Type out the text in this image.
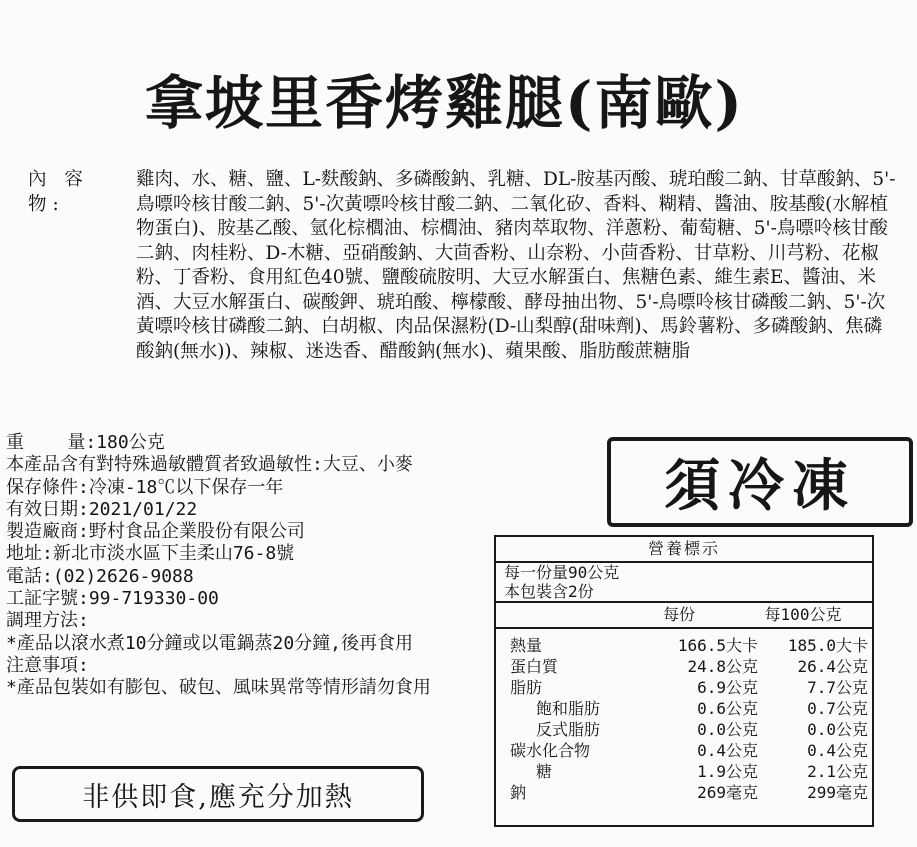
拿坡里香烤雞腿(南歐)
內 容 物:
雞肉、水、糖、鹽、L-麩酸鈉、多磷酸鈉、乳糖、DL-胺基丙酸、琥珀酸二鈉、甘草酸鈉、5'-鳥嘌呤核甘酸二鈉、5'-次黃嘌呤核甘酸二鈉、二氧化矽、香料、糊精、醬油、胺基酸(水解植物蛋白)、胺基乙酸、氫化棕櫚油、棕櫚油、豬肉萃取物、洋蔥粉、葡萄糖、5'-鳥嘌呤核甘酸二鈉、肉桂粉、D-木糖、亞硝酸鈉、大茴香粉、山奈粉、小茴香粉、甘草粉、川芎粉、花椒粉、丁香粉、食用紅色40號、鹽酸硫胺明、大豆水解蛋白、焦糖色素、維生素E、醬油、米酒、大豆水解蛋白、碳酸鉀、琥珀酸、檸檬酸、酵母抽出物、5'-鳥嘌呤核甘磷酸二鈉、5'-次黃嘌呤核甘磷酸二鈉、白胡椒、肉品保濕粉(D-山梨醇(甜味劑)、馬鈴薯粉、多磷酸鈉、焦磷酸鈉(無水))、辣椒、迷迭香、醋酸鈉(無水)、蘋果酸、脂肪酸蔗糖脂
重    量:180公克
本產品含有對特殊過敏體質者致過敏性:大豆、小麥
保存條件:冷凍-18℃以下保存一年
有效日期:2021/01/22
製造廠商:野村食品企業股份有限公司
地址:新北市淡水區下圭柔山76-8號
電話:(02)2626-9088
工証字號:99-719330-00
調理方法:
*產品以滾水煮10分鐘或以電鍋蒸20分鐘,後再食用
注意事項:
*產品包裝如有膨包、破包、風味異常等情形請勿食用
須冷凍
非供即食,應充分加熱
營養標示
每一份量90公克
本包裝含2份
每份	每100公克
熱量	166.5大卡	185.0大卡
蛋白質	24.8公克	26.4公克
脂肪	6.9公克	7.7公克
飽和脂肪	0.6公克	0.7公克
反式脂肪	0.0公克	0.0公克
碳水化合物	0.4公克	0.4公克
糖	1.9公克	2.1公克
鈉	269毫克	299毫克
